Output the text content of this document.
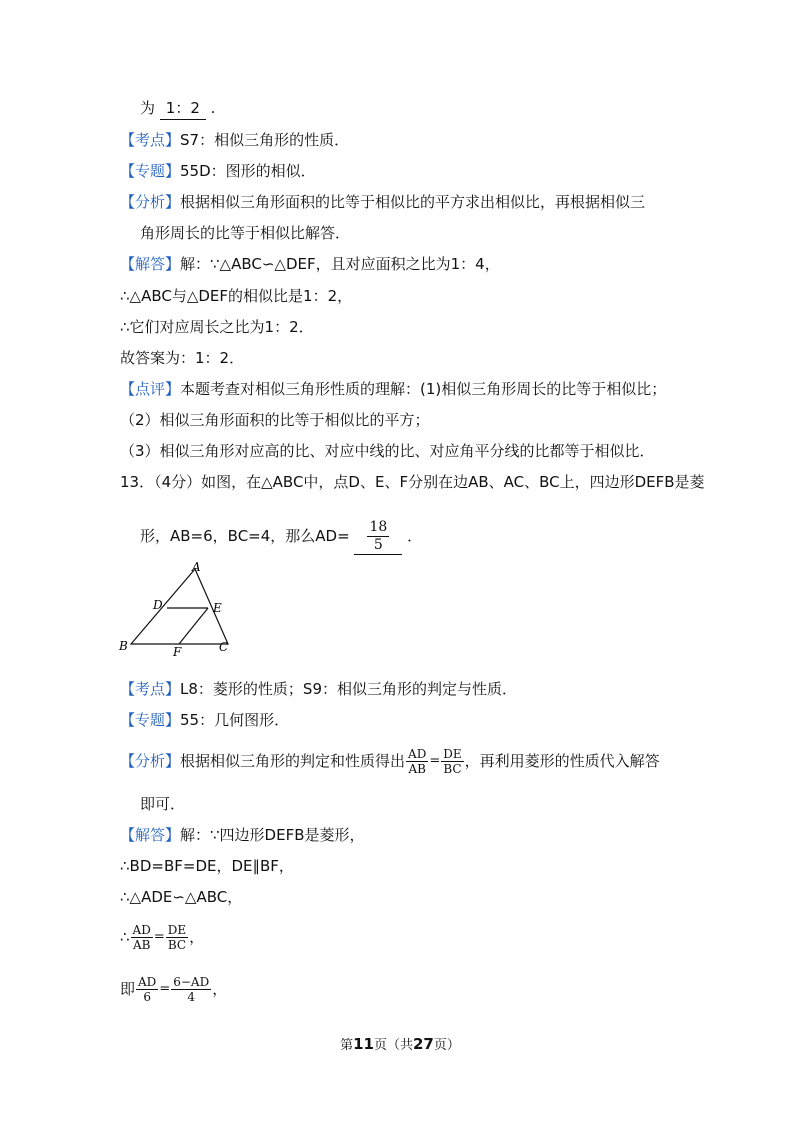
为 1：2 .
【考点】S7：相似三角形的性质．
【专题】55D：图形的相似．
【分析】根据相似三角形面积的比等于相似比的平方求出相似比，再根据相似三
角形周长的比等于相似比解答．
【解答】解：∵△ABC∽△DEF，且对应面积之比为1：4，
∴△ABC与△DEF的相似比是1：2，
∴它们对应周长之比为1：2．
故答案为：1：2．
【点评】本题考查对相似三角形性质的理解：(1)相似三角形周长的比等于相似比；
（2）相似三角形面积的比等于相似比的平方；
（3）相似三角形对应高的比、对应中线的比、对应角平分线的比都等于相似比．
13．（4分）如图，在△ABC中，点D、E、F分别在边AB、AC、BC上，四边形DEFB是菱
形，AB=6，BC=4，那么$AD= \frac{18}{5}$ ．
A
D	E
B	C
F
【考点】L8：菱形的性质；S9：相似三角形的判定与性质．
【专题】55：几何图形．
【分析】根据相似三角形的判定和性质得出 $\frac{AD}{AB} = \frac{DE}{BC}$ ，再利用菱形的性质代入解答
即可．
【解答】解：∵四边形DEFB是菱形，
∴BD=BF=DE，DE∥BF，
∴△ADE∽△ABC，
∴ $\frac{AD}{AB} = \frac{DE}{BC}$ ，
即 $\frac{AD}{6} = \frac{6-AD}{4}$ ，
第11页（共27页）
